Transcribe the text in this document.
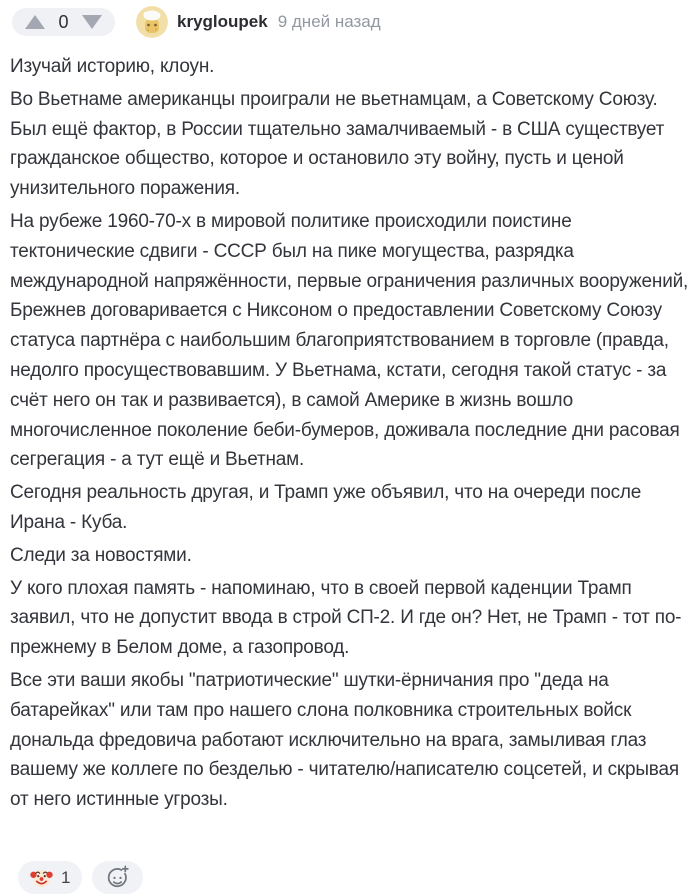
0	krygloupek 9 дней назад

Изучай историю, клоун.

Во Вьетнаме американцы проиграли не вьетнамцам, а Советскому Союзу. Был ещё фактор, в России тщательно замалчиваемый - в США существует гражданское общество, которое и остановило эту войну, пусть и ценой унизительного поражения.

На рубеже 1960-70-х в мировой политике происходили поистине тектонические сдвиги - СССР был на пике могущества, разрядка международной напряжённости, первые ограничения различных вооружений, Брежнев договаривается с Никсоном о предоставлении Советскому Союзу статуса партнёра с наибольшим благоприятствованием в торговле (правда, недолго просуществовавшим. У Вьетнама, кстати, сегодня такой статус - за счёт него он так и развивается), в самой Америке в жизнь вошло многочисленное поколение беби-бумеров, доживала последние дни расовая сегрегация - а тут ещё и Вьетнам.

Сегодня реальность другая, и Трамп уже объявил, что на очереди после Ирана - Куба.

Следи за новостями.

У кого плохая память - напоминаю, что в своей первой каденции Трамп заявил, что не допустит ввода в строй СП-2. И где он? Нет, не Трамп - тот по-прежнему в Белом доме, а газопровод.

Все эти ваши якобы "патриотические" шутки-ёрничания про "деда на батарейках" или там про нашего слона полковника строительных войск дональда фредовича работают исключительно на врага, замыливая глаз вашему же коллеге по безделью - читателю/написателю соцсетей, и скрывая от него истинные угрозы.

1
